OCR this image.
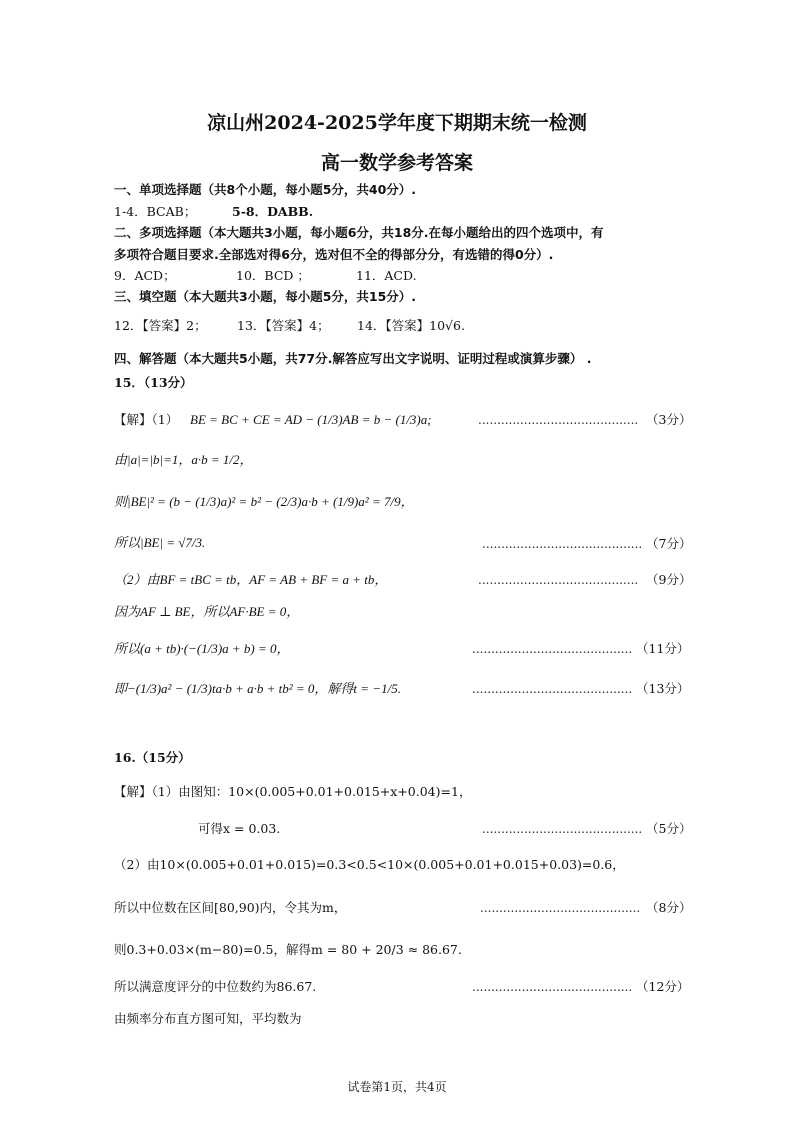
凉山州2024-2025学年度下期期末统一检测
高一数学参考答案
一、单项选择题（共8个小题，每小题5分，共40分）.
1-4．BCAB；	5-8．DABB.
二、多项选择题（本大题共3小题，每小题6分，共18分.在每小题给出的四个选项中，有
多项符合题目要求.全部选对得6分，选对但不全的得部分分，有选错的得0分）.
9．ACD；	10．BCD ；	11．ACD.
三、填空题（本大题共3小题，每小题5分，共15分）.
12．【答案】2； 13．【答案】4； 14．【答案】10√6.
四、解答题（本大题共5小题，共77分.解答应写出文字说明、证明过程或演算步骤） .
15．（13分）
【解】（1） BE = BC + CE = AD − (1/3)AB = b − (1/3)a;	.......................................... （3分）
由|a|=|b|=1，a·b = 1/2，
则|BE|² = (b − (1/3)a)² = b² − (2/3)a·b + (1/9)a² = 7/9，
所以|BE| = √7/3.	.......................................... （7分）
（2）由BF = tBC = tb，AF = AB + BF = a + tb，	.......................................... （9分）
因为AF ⊥ BE，所以AF·BE = 0，
所以(a + tb)·(−(1/3)a + b) = 0，	.......................................... （11分）
即−(1/3)a² − (1/3)ta·b + a·b + tb² = 0，解得t = −1/5.	.......................................... （13分）
16.（15分）
【解】（1）由图知：10×(0.005+0.01+0.015+x+0.04)=1，
可得x = 0.03.	.......................................... （5分）
（2）由10×(0.005+0.01+0.015)=0.3<0.5<10×(0.005+0.01+0.015+0.03)=0.6，
所以中位数在区间[80,90)内，令其为m，	.......................................... （8分）
则0.3+0.03×(m−80)=0.5，解得m = 80 + 20/3 ≈ 86.67.
所以满意度评分的中位数约为86.67.	.......................................... （12分）
由频率分布直方图可知，平均数为
试卷第1页，共4页
